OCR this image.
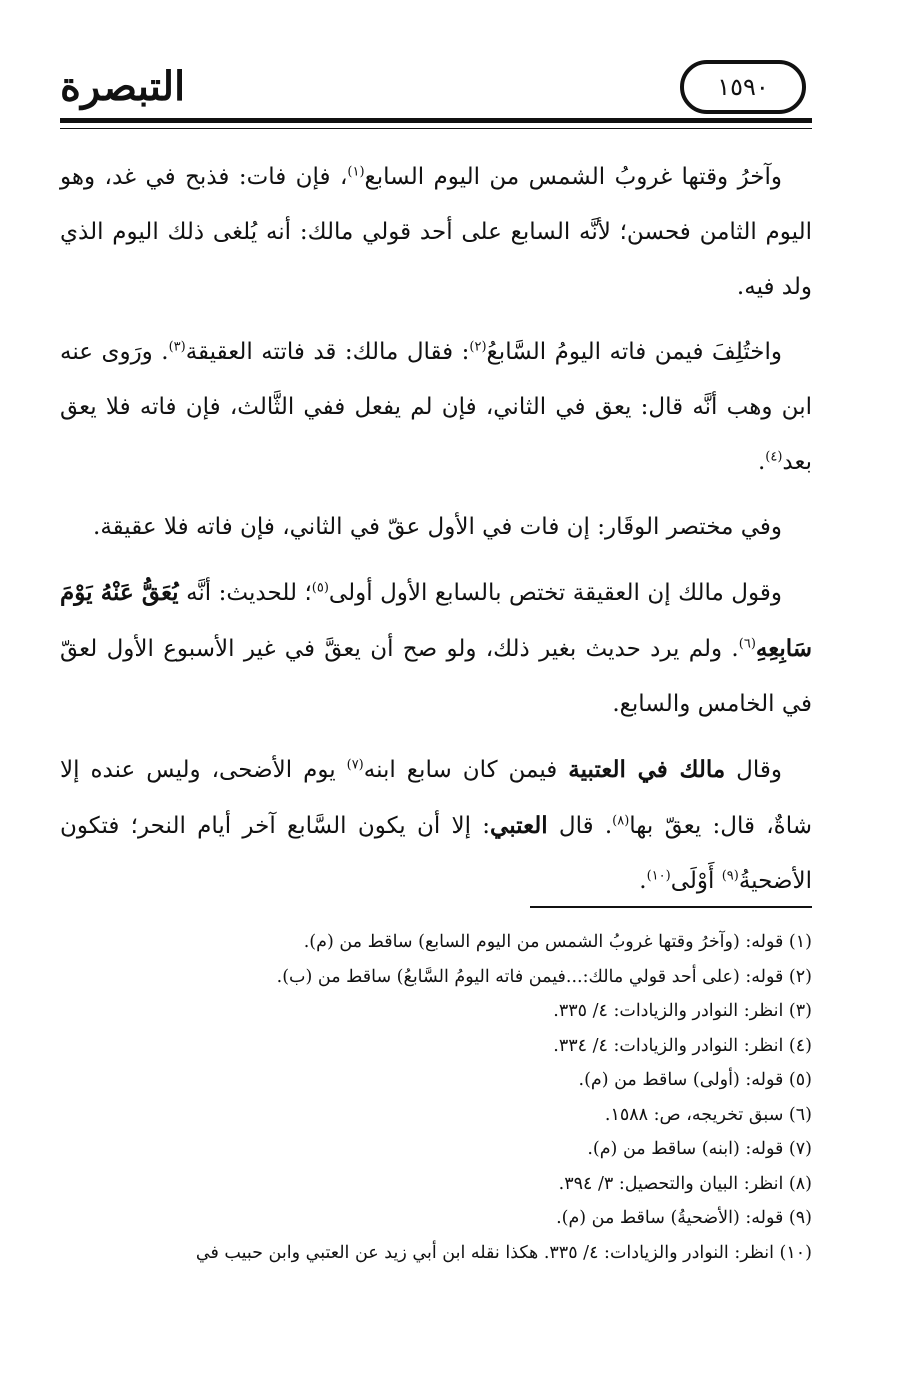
التبصرة	١٥٩٠

وآخرُ وقتها غروبُ الشمس من اليوم السابع$^{(١)}$، فإن فات: فذبح في غد، وهو اليوم الثامن فحسن؛ لأنَّه السابع على أحد قولي مالك: أنه يُلغى ذلك اليوم الذي ولد فيه.

واختُلِفَ فيمن فاته اليومُ السَّابعُ$^{(٢)}$: فقال مالك: قد فاتته العقيقة$^{(٣)}$. ورَوى عنه ابن وهب أنَّه قال: يعق في الثاني، فإن لم يفعل ففي الثَّالث، فإن فاته فلا يعق بعد$^{(٤)}$.

وفي مختصر الوقَار: إن فات في الأول عقّ في الثاني، فإن فاته فلا عقيقة.

وقول مالك إن العقيقة تختص بالسابع الأول أولى$^{(٥)}$؛ للحديث: أنَّه يُعَقُّ عَنْهُ يَوْمَ سَابِعِهِ$^{(٦)}$. ولم يرد حديث بغير ذلك، ولو صح أن يعقَّ في غير الأسبوع الأول لعقّ في الخامس والسابع.

وقال مالك في العتبية فيمن كان سابع ابنه$^{(٧)}$ يوم الأضحى، وليس عنده إلا شاةٌ، قال: يعقّ بها$^{(٨)}$. قال العتبي: إلا أن يكون السَّابع آخر أيام النحر؛ فتكون الأضحيةُ$^{(٩)}$ أَوْلَى$^{(١٠)}$.

(١) قوله: (وآخرُ وقتها غروبُ الشمس من اليوم السابع) ساقط من (م).

(٢) قوله: (على أحد قولي مالك:...فيمن فاته اليومُ السَّابعُ) ساقط من (ب).

(٣) انظر: النوادر والزيادات: ٤/ ٣٣٥.

(٤) انظر: النوادر والزيادات: ٤/ ٣٣٤.

(٥) قوله: (أولى) ساقط من (م).

(٦) سبق تخريجه، ص: ١٥٨٨.

(٧) قوله: (ابنه) ساقط من (م).

(٨) انظر: البيان والتحصيل: ٣/ ٣٩٤.

(٩) قوله: (الأضحيةُ) ساقط من (م).

(١٠) انظر: النوادر والزيادات: ٤/ ٣٣٥. هكذا نقله ابن أبي زيد عن العتبي وابن حبيب في
